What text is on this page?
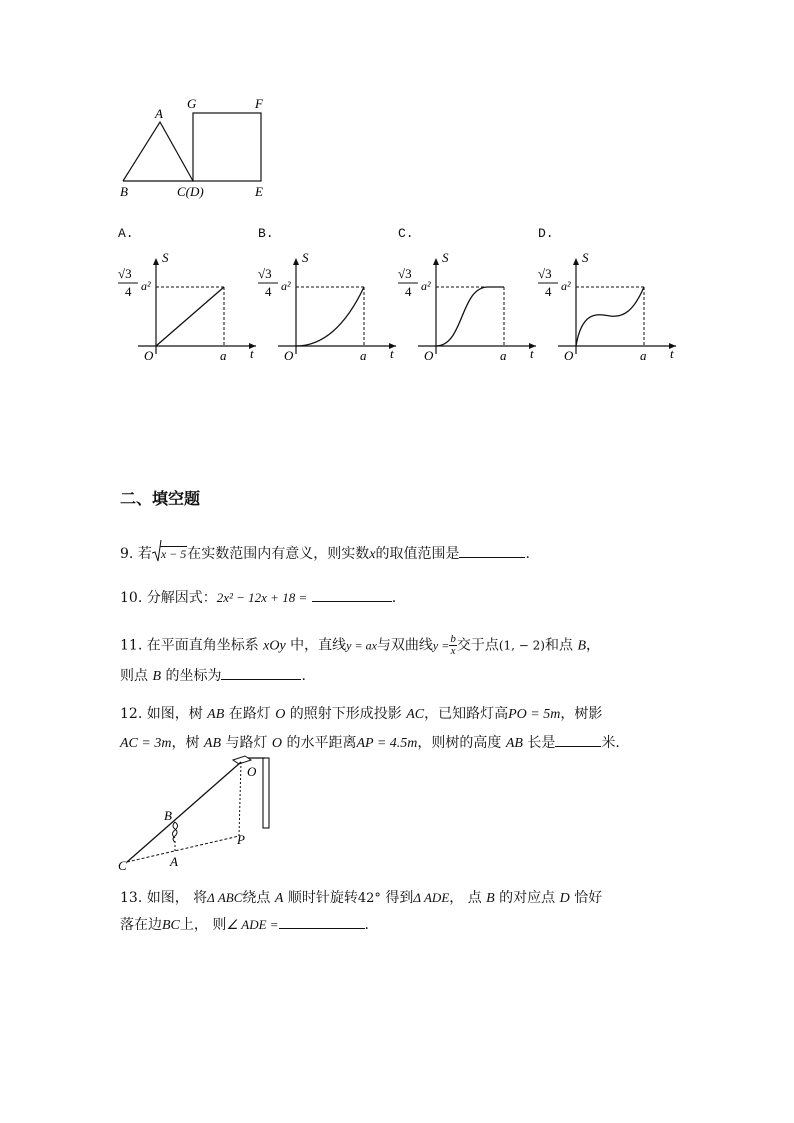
A
B	C(D)	E
F
G
A.	B.	C.	D.
S
O	a t
√3
4 a²
S
O	a t
√3
4 a²
S
O	a t
√3
4 a²
S
O	a t
√3
4 a²
二、填空题
9. 若 x − 5在实数范围内有意义，则实数x的取值范围是	.
10. 分解因式：2x² − 12x + 18 =	.
11. 在平面直角坐标系 xOy 中，直线y = ax与双曲线$y = \frac{b}{x}$ 交于点(1, − 2)和点 B，
则点 B 的坐标为	.
12. 如图，树 AB 在路灯 O 的照射下形成投影 AC，已知路灯高PO = 5m，树影
AC = 3m，树 AB 与路灯 O 的水平距离AP = 4.5m，则树的高度 AB 长是	米.
O
B
A
C
P
13. 如图， 将Δ ABC绕点 A 顺时针旋转42° 得到Δ ADE， 点 B 的对应点 D 恰好
落在边BC上， 则∠ ADE =	.
